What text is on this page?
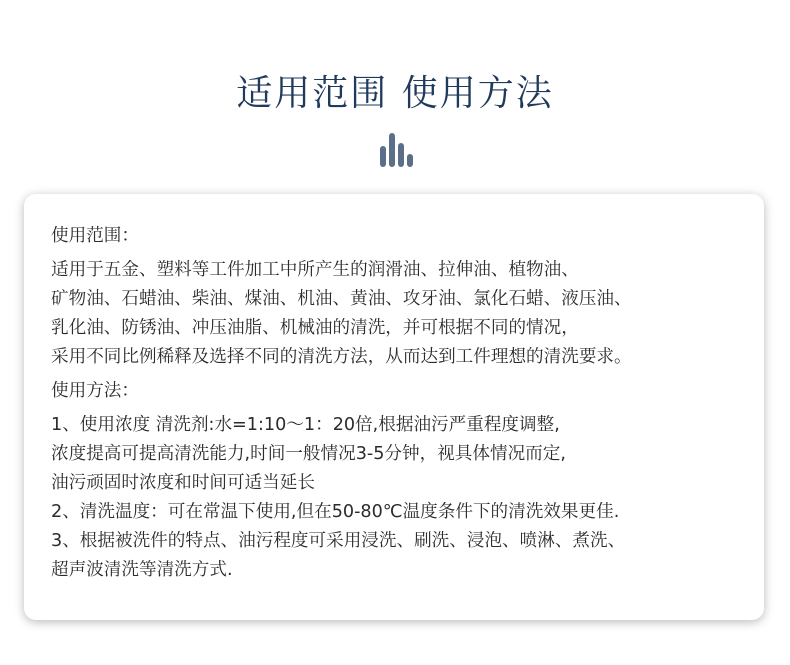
适用范围 使用方法
使用范围：
适用于五金、塑料等工件加工中所产生的润滑油、拉伸油、植物油、
矿物油、石蜡油、柴油、煤油、机油、黄油、攻牙油、氯化石蜡、液压油、
乳化油、防锈油、冲压油脂、机械油的清洗，并可根据不同的情况，
采用不同比例稀释及选择不同的清洗方法，从而达到工件理想的清洗要求。
使用方法：
1、使用浓度 清洗剂:水=1:10～1：20倍,根据油污严重程度调整,
浓度提高可提高清洗能力,时间一般情况3-5分钟，视具体情况而定,
油污顽固时浓度和时间可适当延长
2、清洗温度：可在常温下使用,但在50-80℃温度条件下的清洗效果更佳.
3、根据被洗件的特点、油污程度可采用浸洗、刷洗、浸泡、喷淋、煮洗、
超声波清洗等清洗方式.
